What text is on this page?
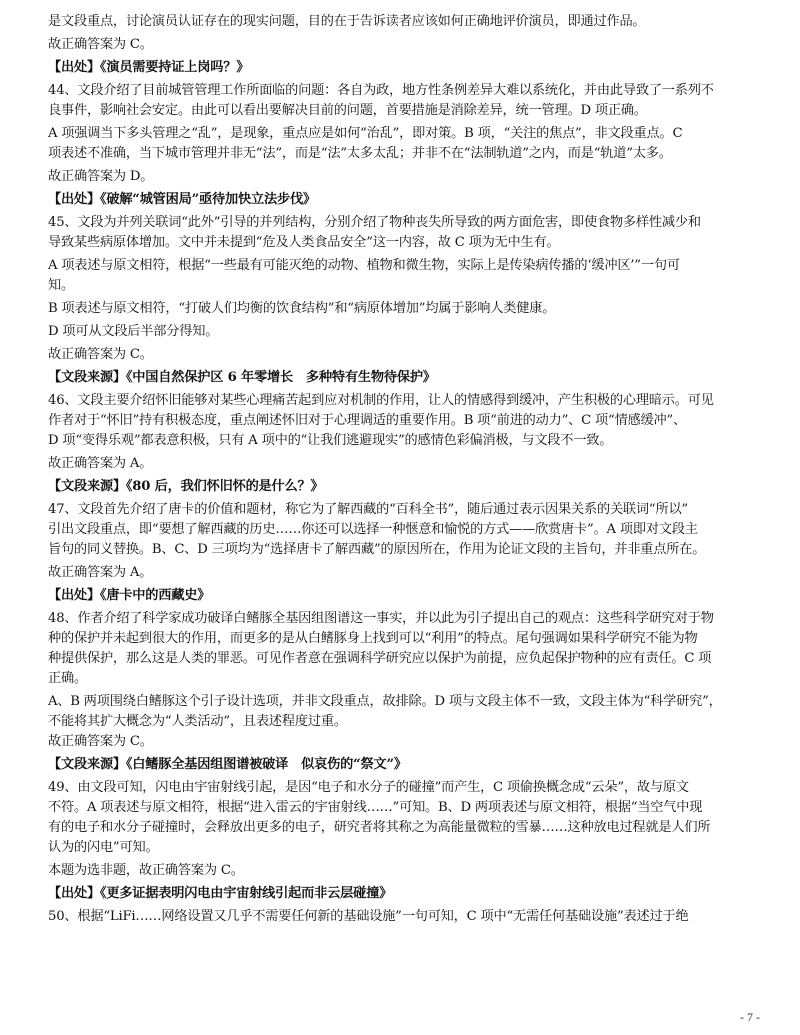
是文段重点，讨论演员认证存在的现实问题，目的在于告诉读者应该如何正确地评价演员，即通过作品。
故正确答案为 C。
【出处】《演员需要持证上岗吗？》
44、文段介绍了目前城管管理工作所面临的问题：各自为政，地方性条例差异大难以系统化，并由此导致了一系列不
良事件，影响社会安定。由此可以看出要解决目前的问题，首要措施是消除差异，统一管理。D 项正确。
A 项强调当下多头管理之“乱”，是现象，重点应是如何“治乱”，即对策。B 项，“关注的焦点”，非文段重点。C
项表述不准确，当下城市管理并非无“法”，而是“法”太多太乱；并非不在“法制轨道”之内，而是“轨道”太多。
故正确答案为 D。
【出处】《破解“城管困局”亟待加快立法步伐》
45、文段为并列关联词“此外”引导的并列结构，分别介绍了物种丧失所导致的两方面危害，即使食物多样性减少和
导致某些病原体增加。文中并未提到“危及人类食品安全”这一内容，故 C 项为无中生有。
A 项表述与原文相符，根据“一些最有可能灭绝的动物、植物和微生物，实际上是传染病传播的‘缓冲区’”一句可
知。
B 项表述与原文相符，“打破人们均衡的饮食结构”和“病原体增加”均属于影响人类健康。
D 项可从文段后半部分得知。
故正确答案为 C。
【文段来源】《中国自然保护区 6 年零增长　多种特有生物待保护》
46、文段主要介绍怀旧能够对某些心理痛苦起到应对机制的作用，让人的情感得到缓冲，产生积极的心理暗示。可见
作者对于“怀旧”持有积极态度，重点阐述怀旧对于心理调适的重要作用。B 项“前进的动力”、C 项“情感缓冲”、
D 项“变得乐观”都表意积极，只有 A 项中的“让我们逃避现实”的感情色彩偏消极，与文段不一致。
故正确答案为 A。
【文段来源】《80 后，我们怀旧怀的是什么？》
47、文段首先介绍了唐卡的价值和题材，称它为了解西藏的“百科全书”，随后通过表示因果关系的关联词“所以”
引出文段重点，即“要想了解西藏的历史……你还可以选择一种惬意和愉悦的方式——欣赏唐卡”。A 项即对文段主
旨句的同义替换。B、C、D 三项均为“选择唐卡了解西藏”的原因所在，作用为论证文段的主旨句，并非重点所在。
故正确答案为 A。
【出处】《唐卡中的西藏史》
48、作者介绍了科学家成功破译白鳍豚全基因组图谱这一事实，并以此为引子提出自己的观点：这些科学研究对于物
种的保护并未起到很大的作用，而更多的是从白鳍豚身上找到可以“利用”的特点。尾句强调如果科学研究不能为物
种提供保护，那么这是人类的罪恶。可见作者意在强调科学研究应以保护为前提，应负起保护物种的应有责任。C 项
正确。
A、B 两项围绕白鳍豚这个引子设计选项，并非文段重点，故排除。D 项与文段主体不一致，文段主体为“科学研究”，
不能将其扩大概念为“人类活动”，且表述程度过重。
故正确答案为 C。
【文段来源】《白鳍豚全基因组图谱被破译　似哀伤的“祭文”》
49、由文段可知，闪电由宇宙射线引起，是因“电子和水分子的碰撞”而产生，C 项偷换概念成“云朵”，故与原文
不符。A 项表述与原文相符，根据“进入雷云的宇宙射线……”可知。B、D 两项表述与原文相符，根据“当空气中现
有的电子和水分子碰撞时，会释放出更多的电子，研究者将其称之为高能量微粒的雪暴……这种放电过程就是人们所
认为的闪电”可知。
本题为选非题，故正确答案为 C。
【出处】《更多证据表明闪电由宇宙射线引起而非云层碰撞》
50、根据“LiFi……网络设置又几乎不需要任何新的基础设施”一句可知，C 项中“无需任何基础设施”表述过于绝
- 7 -
